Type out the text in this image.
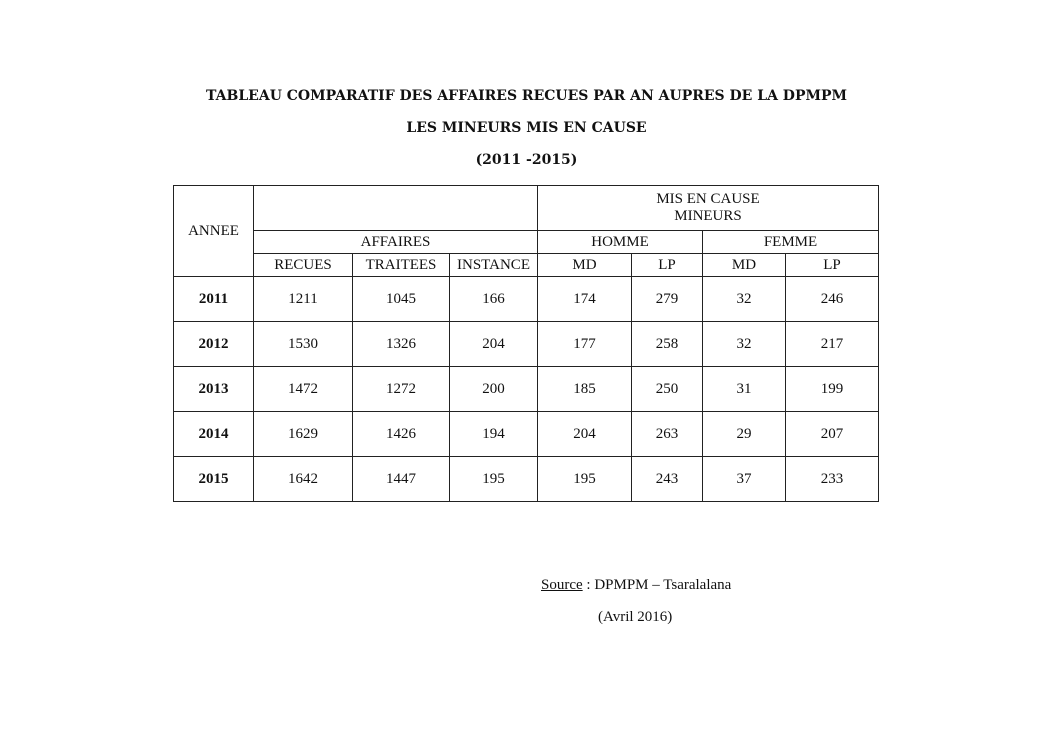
TABLEAU COMPARATIF DES AFFAIRES RECUES PAR AN AUPRES DE LA DPMPM
LES MINEURS MIS EN CAUSE
(2011 -2015)
ANNEE				MIS EN CAUSE
MINEURS			

	AFFAIRES			HOMME		FEMME	
	RECUES	TRAITEES	INSTANCE	MD	LP	MD	LP
2011	1211	1045	166	174	279	32	246
2012	1530	1326	204	177	258	32	217
2013	1472	1272	200	185	250	31	199
2014	1629	1426	194	204	263	29	207
2015	1642	1447	195	195	243	37	233
Source : DPMPM – Tsaralalana
(Avril 2016)
